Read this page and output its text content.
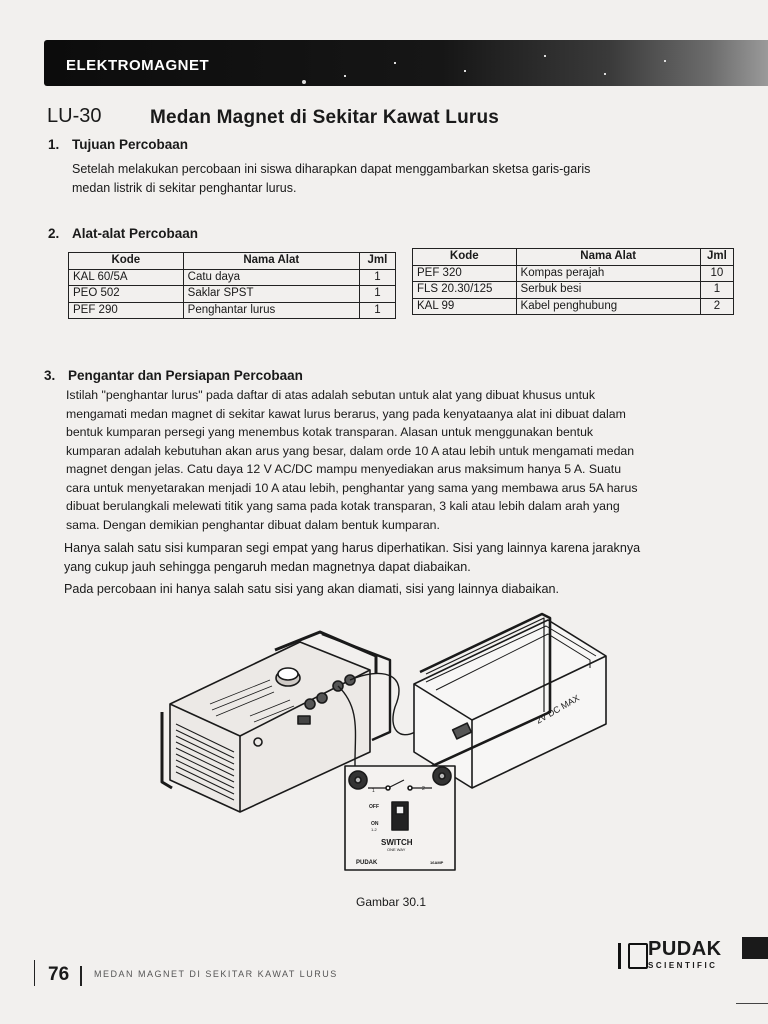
ELEKTROMAGNET
LU-30	Medan Magnet di Sekitar Kawat Lurus
1. Tujuan Percobaan
Setelah melakukan percobaan ini siswa diharapkan dapat menggambarkan sketsa garis-garis
medan listrik di sekitar penghantar lurus.
2. Alat-alat Percobaan
Kode	Nama Alat	Jml
KAL 60/5A	Catu daya	1
PEO 502	Saklar SPST	1
PEF 290	Penghantar lurus	1
Kode	Nama Alat	Jml
PEF 320	Kompas perajah	10
FLS 20.30/125	Serbuk besi	1
KAL 99	Kabel penghubung	2
3. Pengantar dan Persiapan Percobaan
Istilah "penghantar lurus" pada daftar di atas adalah sebutan untuk alat yang dibuat khusus untuk
mengamati medan magnet di sekitar kawat lurus berarus, yang pada kenyataanya alat ini dibuat dalam
bentuk kumparan persegi yang menembus kotak transparan. Alasan untuk menggunakan bentuk
kumparan adalah kebutuhan akan arus yang besar, dalam orde 10 A atau lebih untuk mengamati medan
magnet dengan jelas. Catu daya 12 V AC/DC mampu menyediakan arus maksimum hanya 5 A. Suatu
cara untuk menyetarakan menjadi 10 A atau lebih, penghantar yang sama yang membawa arus 5A harus
dibuat berulangkali melewati titik yang sama pada kotak transparan, 3 kali atau lebih dalam arah yang
sama. Dengan demikian penghantar dibuat dalam bentuk kumparan.
Hanya salah satu sisi kumparan segi empat yang harus diperhatikan. Sisi yang lainnya karena jaraknya
yang cukup jauh sehingga pengaruh medan magnetnya dapat diabaikan.
Pada percobaan ini hanya salah satu sisi yang akan diamati, sisi yang lainnya diabaikan.
2V DC MAX
1	2
OFF
ON
1-2
SWITCH
ONE WAY
PUDAK	16AMP
Gambar 30.1
76	MEDAN MAGNET DI SEKITAR KAWAT LURUS
PUDAK
SCIENTIFIC
